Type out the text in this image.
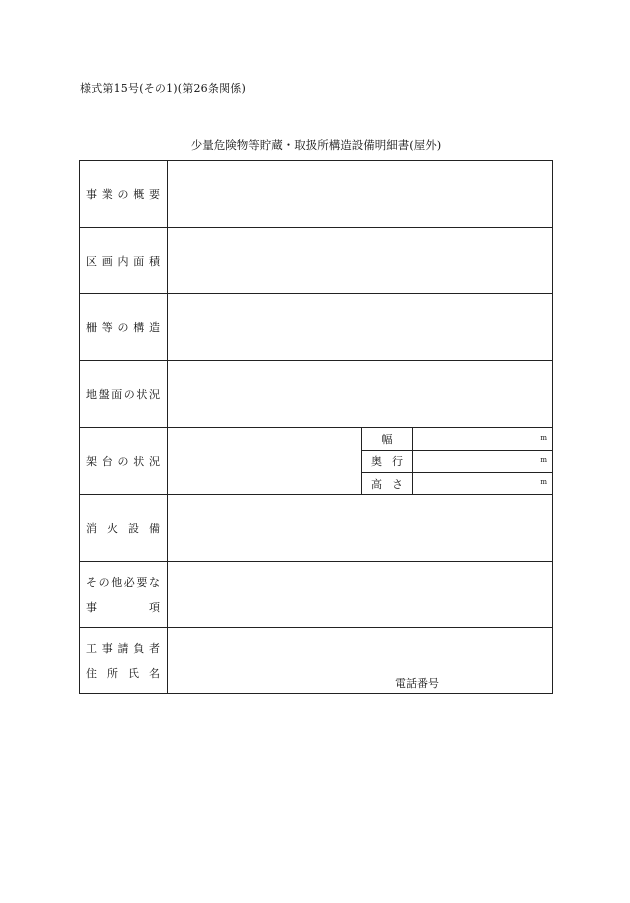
様式第15号(その1)(第26条関係)
少量危険物等貯蔵・取扱所構造設備明細書(屋外)
事 業 の 概 要
区 画 内 面 積
柵 等 の 構 造
地 盤 面 の 状 況
架 台 の 状 況
幅	m
奥 行	m
高 さ	m
消 火 設 備
そ の 他 必 要 な
事	項
工 事 請 負 者
住 所 氏 名
電話番号
